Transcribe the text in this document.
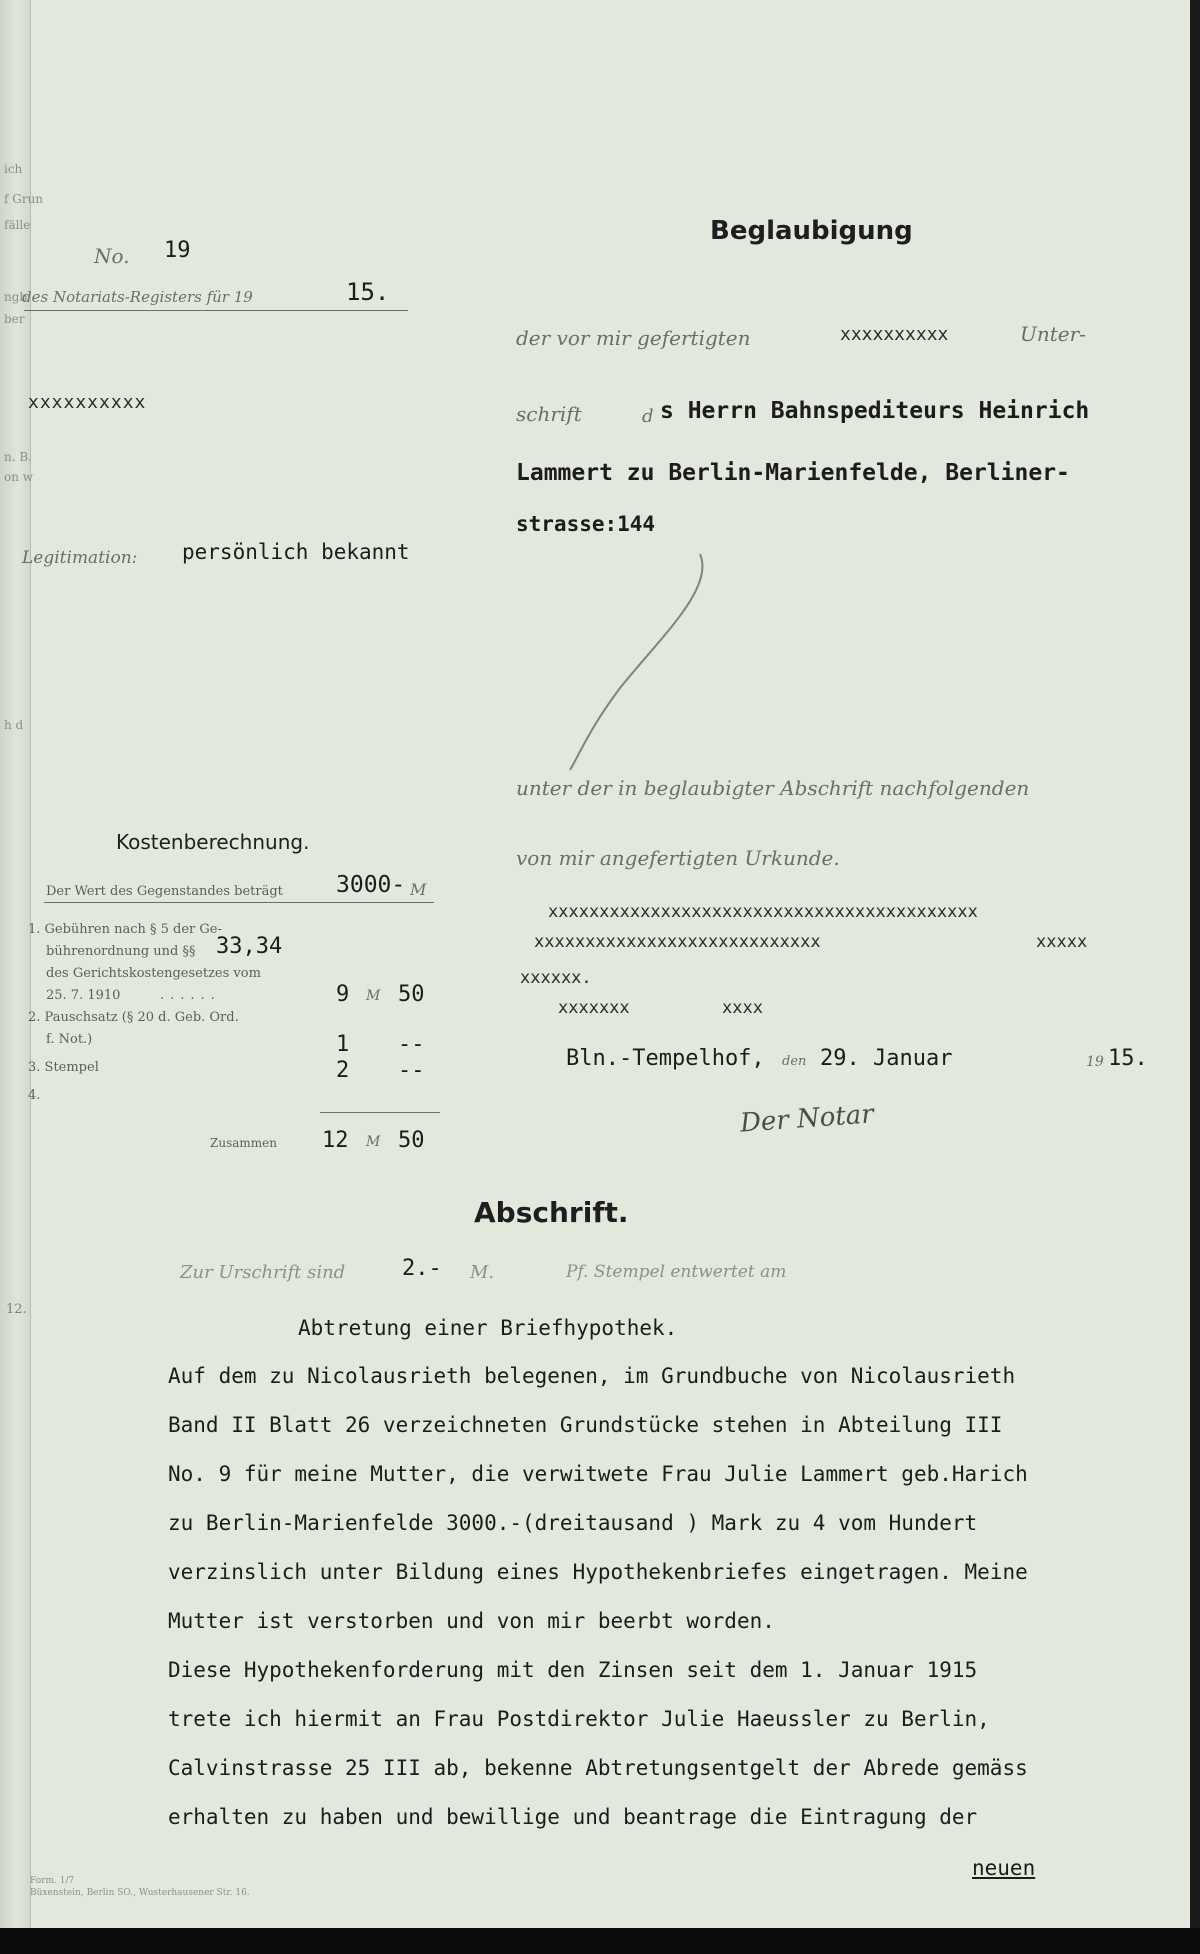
ich
f Grun
fälle
ngb
ber
n. B.
on w
h d
No. 19
des Notariats-Registers für 19	15.
xxxxxxxxxx
Legitimation: persönlich bekannt
Kostenberechnung.
Der Wert des Gegenstandes beträgt 3000- M
1. Gebühren nach § 5 der Ge-
bührenordnung und §§ 33,34
des Gerichtskostengesetzes vom
25. 7. 1910	......	9 M 50
2. Pauschsatz (§ 20 d. Geb. Ord.
f. Not.)	1 --
3. Stempel	2 --
4.
Zusammen 12 M 50
Beglaubigung
der vor mir gefertigten	xxxxxxxxxx	Unter-
schrift	d s Herrn Bahnspediteurs Heinrich
Lammert zu Berlin-Marienfelde, Berliner-
strasse:144
unter der in beglaubigter Abschrift nachfolgenden
von mir angefertigten Urkunde.
xxxxxxxxxxxxxxxxxxxxxxxxxxxxxxxxxxxxxxxxxx
xxxxxxxxxxxxxxxxxxxxxxxxxxxx	xxxxx
xxxxxx.
xxxxxxx	xxxx
Bln.-Tempelhof, den 29. Januar	19 15.
Der Notar
Abschrift.
Zur Urschrift sind	2.- M.	Pf. Stempel entwertet am
Abtretung einer Briefhypothek.
Auf dem zu Nicolausrieth belegenen, im Grundbuche von Nicolausrieth
Band II Blatt 26 verzeichneten Grundstücke stehen in Abteilung III
No. 9 für meine Mutter, die verwitwete Frau Julie Lammert geb.Harich
zu Berlin-Marienfelde 3000.-(dreitausand ) Mark zu 4 vom Hundert
verzinslich unter Bildung eines Hypothekenbriefes eingetragen. Meine
Mutter ist verstorben und von mir beerbt worden.
Diese Hypothekenforderung mit den Zinsen seit dem 1. Januar 1915
trete ich hiermit an Frau Postdirektor Julie Haeussler zu Berlin,
Calvinstrasse 25 III ab, bekenne Abtretungsentgelt der Abrede gemäss
erhalten zu haben und bewillige und beantrage die Eintragung der
neuen
12.
Form. 1/7
Büxenstein, Berlin SO., Wusterhausener Str. 16.
